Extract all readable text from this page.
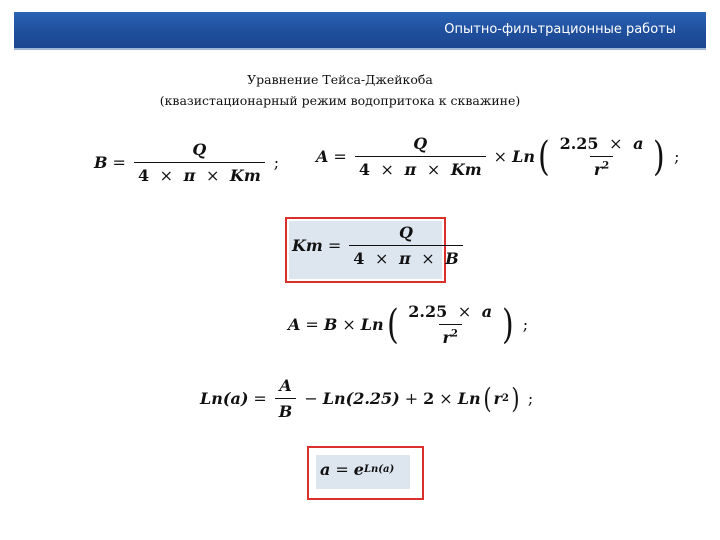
Опытно-фильтрационные работы
Уравнение Тейса-Джейкоба
(квазистационарный режим водопритока к скважине)
$B = \frac{Q}{4 \times \pi \times Km}$ ; $A = \frac{Q}{4 \times \pi \times Km} \times Ln$ ( $\frac{2.25 \times a}{r^2}$ ) ;
$Km = \frac{Q}{4 \times \pi \times B}$
A = B × Ln ( $\frac{2.25 \times a}{r^2}$ ) ;
$Ln(a) = \frac{A}{B} - Ln(2.25) + 2 \times Ln$ ( r 2 ) ;
a = e Ln(a)
